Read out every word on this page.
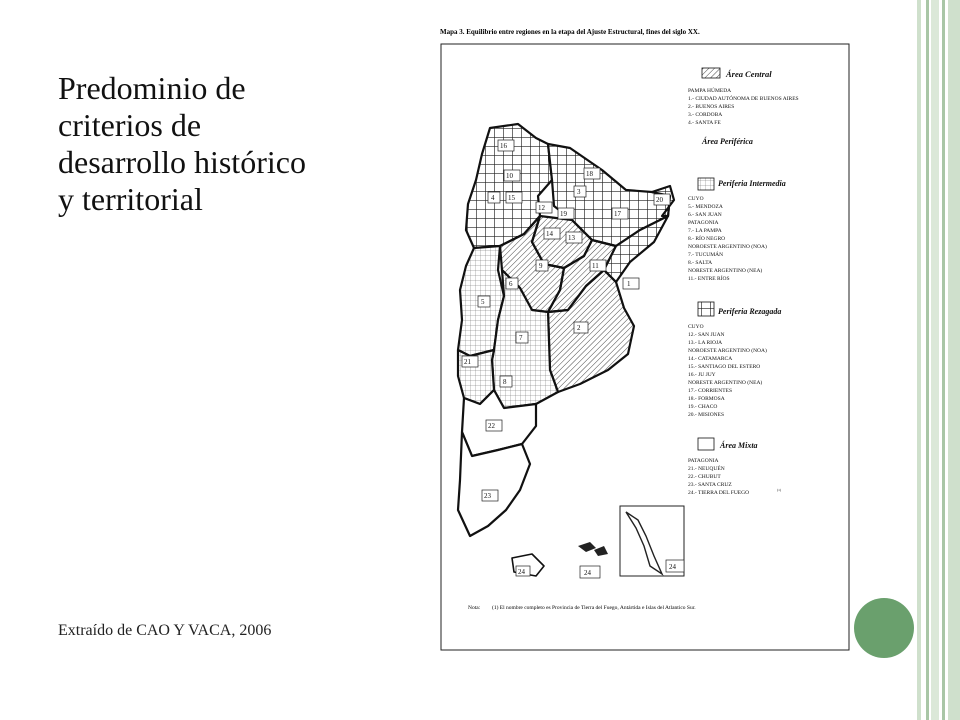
Predominio de
criterios de
desarrollo histórico
y territorial
Extraído de CAO Y VACA, 2006
Mapa 3. Equilibrio entre regiones en la etapa del Ajuste Estructural, fines del siglo XX.
1
2
3
4
5
6
7
8
9
10
11
12
13
14
15
16
17
18
19
20
21
22
23
24	24
24
Área Central
PAMPA HÚMEDA
1.- CIUDAD AUTÓNOMA DE BUENOS AIRES
2.- BUENOS AIRES
3.- CORDOBA
4.- SANTA FE
Área Periférica
Periferia Intermedia
CUYO
5.- MENDOZA
6.- SAN JUAN
PATAGONIA
7.- LA PAMPA
8.- RÍO NEGRO
NOROESTE ARGENTINO (NOA)
7.- TUCUMÁN
8.- SALTA
NORESTE ARGENTINO (NEA)
11.- ENTRE RÍOS
Periferia Rezagada
CUYO
12.- SAN JUAN
13.- LA RIOJA
NOROESTE ARGENTINO (NOA)
14.- CATAMARCA
15.- SANTIAGO DEL ESTERO
16.- JU JUY
NORESTE ARGENTINO (NEA)
17.- CORRIENTES
18.- FORMOSA
19.- CHACO
20.- MISIONES
Área Mixta
PATAGONIA
21.- NEUQUÉN
22.- CHUBUT
23.- SANTA CRUZ
24.- TIERRA DEL FUEGO	(1)
Nota: (1) El nombre completo es Provincia de Tierra del Fuego, Antártida e Islas del Atlantico Sur.
